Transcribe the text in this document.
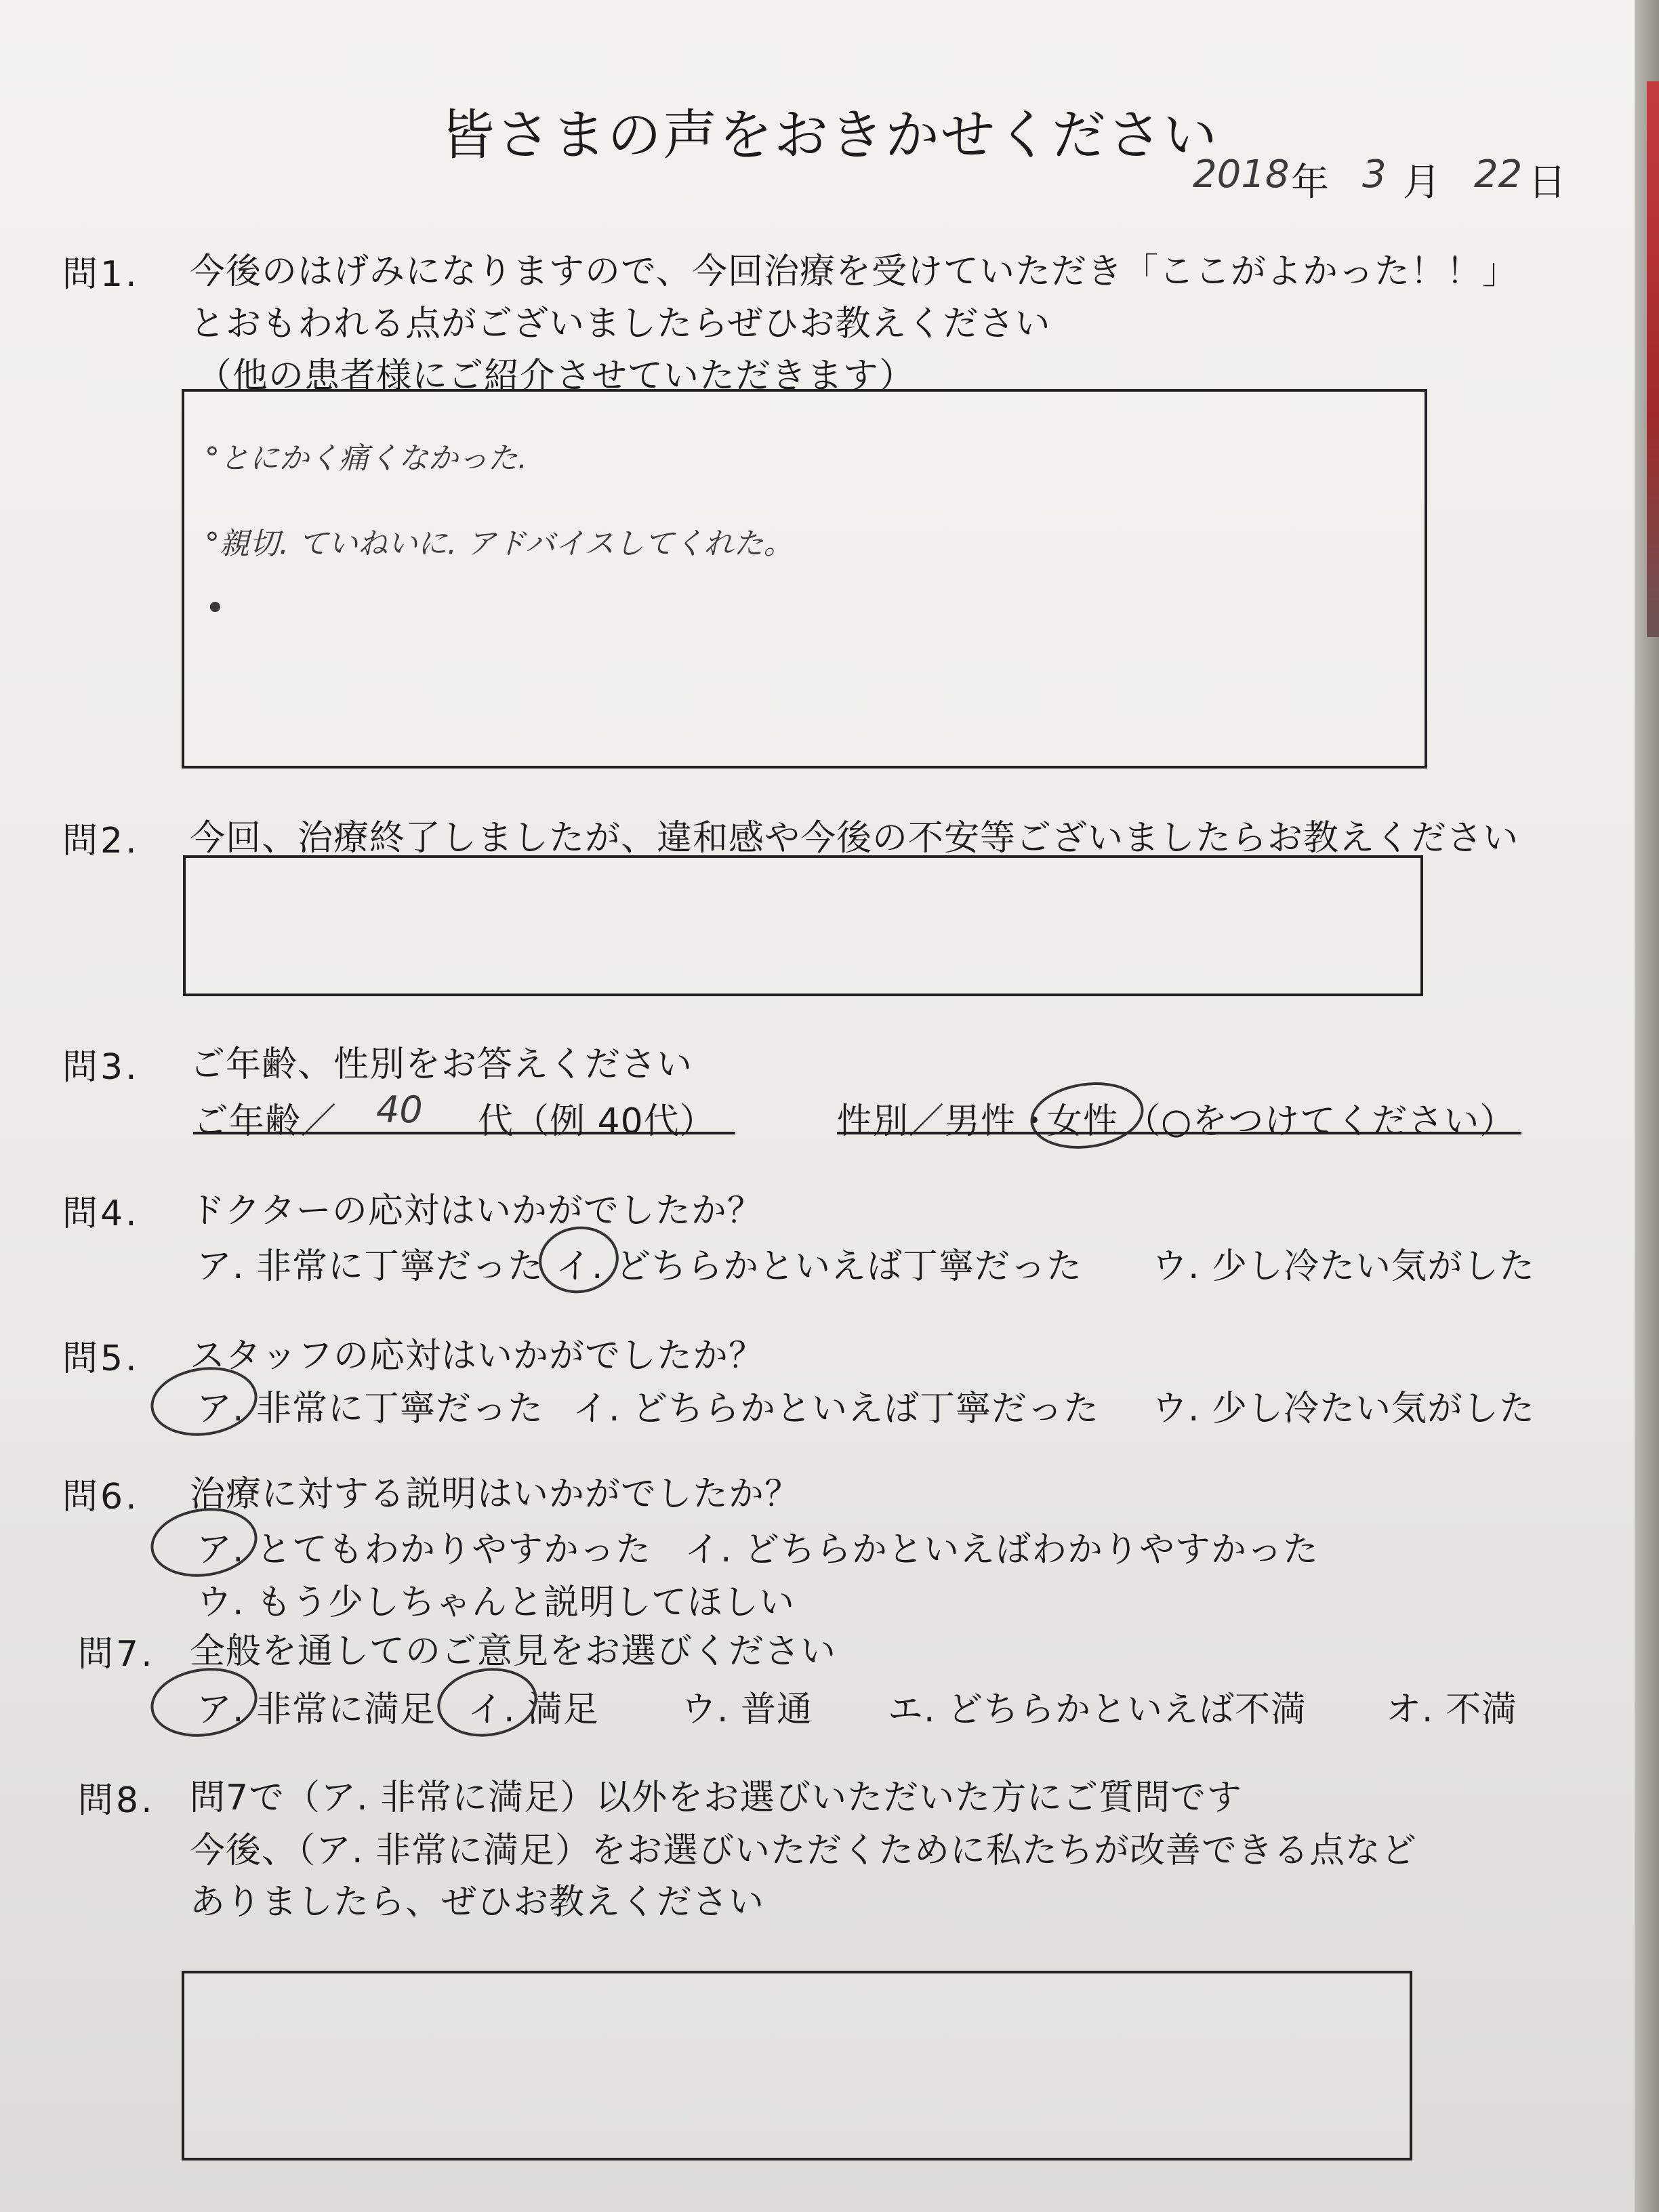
皆さまの声をおきかせください
2018 年 3 月 22 日
問1. 今後のはげみになりますので、今回治療を受けていただき「ここがよかった！！」
とおもわれる点がございましたらぜひお教えください
（他の患者様にご紹介させていただきます）
°とにかく痛くなかった.
°親切. ていねいに. アドバイスしてくれた。
•
問2. 今回、治療終了しましたが、違和感や今後の不安等ございましたらお教えください
問3. ご年齢、性別をお答えください
ご年齢／ 40 代（例 40代）	性別／男性・
女性 （○をつけてください）
問4. ドクターの応対はいかがでしたか？
ア. 非常に丁寧だった イ. どちらかといえば丁寧だった ウ. 少し冷たい気がした
問5. スタッフの応対はいかがでしたか？
ア. 非常に丁寧だった イ. どちらかといえば丁寧だった ウ. 少し冷たい気がした
問6. 治療に対する説明はいかがでしたか？
ア. とてもわかりやすかった イ. どちらかといえばわかりやすかった
ウ. もう少しちゃんと説明してほしい
問7. 全般を通してのご意見をお選びください
ア. 非常に満足 イ. 満足 ウ. 普通 エ. どちらかといえば不満 オ. 不満
問8. 問7で（ア. 非常に満足）以外をお選びいただいた方にご質問です
今後、（ア. 非常に満足）をお選びいただくために私たちが改善できる点など
ありましたら、ぜひお教えください
